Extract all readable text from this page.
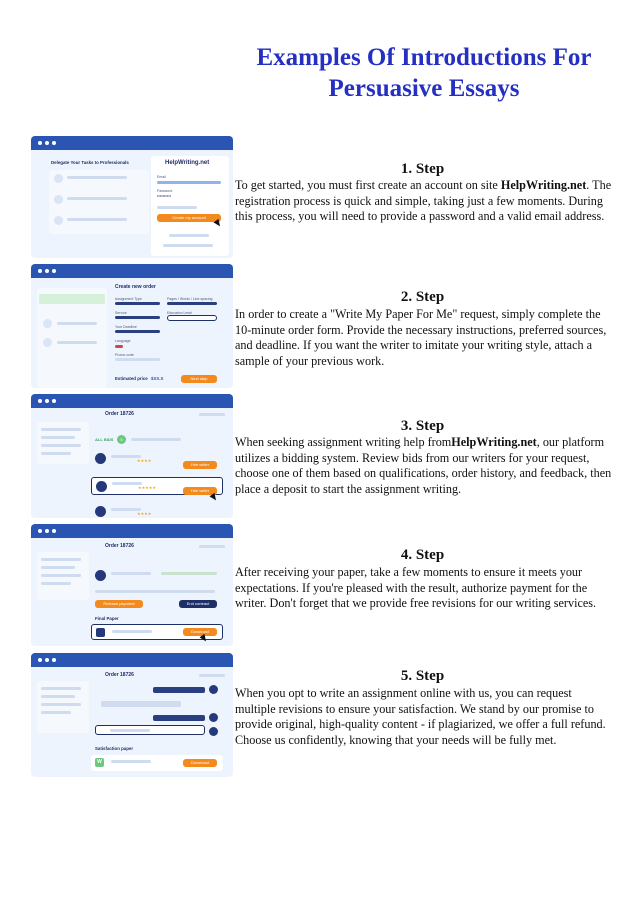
Examples Of Introductions For Persuasive Essays
Delegate Your Tasks to Professionals	HelpWriting.net
Email
Password
••••••••••
Create my account
Create new order
Assignment Type	Pages / Words / Line spacing
Service	Education Level
Your Deadline
Language
Promo code
Estimated price $XX.X	Next step
Order 18726
ALL BIDS	5
★★★★
Hire writer
★★★★★
Hire writer
★★★★
Order 18726
Release payment	End contract
Final Paper
Download
Order 18726
Satisfaction paper
W	Download
1. Step

To get started, you must first create an account on site HelpWriting.net. The registration process is quick and simple, taking just a few moments. During this process, you will need to provide a password and a valid email address.

2. Step

In order to create a "Write My Paper For Me" request, simply complete the 10-minute order form. Provide the necessary instructions, preferred sources, and deadline. If you want the writer to imitate your writing style, attach a sample of your previous work.

3. Step

When seeking assignment writing help fromHelpWriting.net, our platform utilizes a bidding system. Review bids from our writers for your request, choose one of them based on qualifications, order history, and feedback, then place a deposit to start the assignment writing.

4. Step

After receiving your paper, take a few moments to ensure it meets your expectations. If you're pleased with the result, authorize payment for the writer. Don't forget that we provide free revisions for our writing services.

5. Step

When you opt to write an assignment online with us, you can request multiple revisions to ensure your satisfaction. We stand by our promise to provide original, high-quality content - if plagiarized, we offer a full refund. Choose us confidently, knowing that your needs will be fully met.
